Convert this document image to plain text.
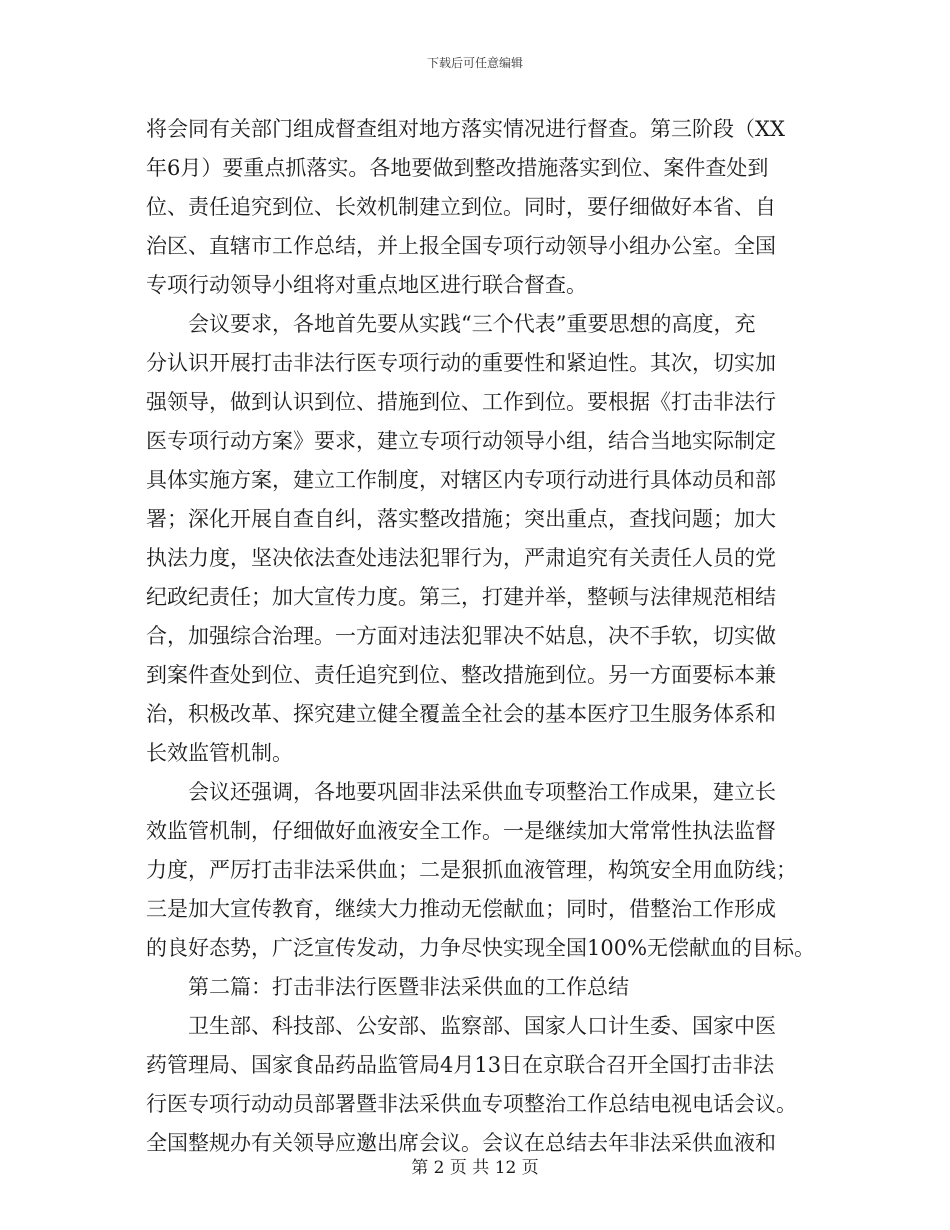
下载后可任意编辑
将会同有关部门组成督查组对地方落实情况进行督查。第三阶段（XX
年6月）要重点抓落实。各地要做到整改措施落实到位、案件查处到
位、责任追究到位、长效机制建立到位。同时，要仔细做好本省、自
治区、直辖市工作总结，并上报全国专项行动领导小组办公室。全国
专项行动领导小组将对重点地区进行联合督查。
会议要求，各地首先要从实践“三个代表”重要思想的高度，充
分认识开展打击非法行医专项行动的重要性和紧迫性。其次，切实加
强领导，做到认识到位、措施到位、工作到位。要根据《打击非法行
医专项行动方案》要求，建立专项行动领导小组，结合当地实际制定
具体实施方案，建立工作制度，对辖区内专项行动进行具体动员和部
署；深化开展自查自纠，落实整改措施；突出重点，查找问题；加大
执法力度，坚决依法查处违法犯罪行为，严肃追究有关责任人员的党
纪政纪责任；加大宣传力度。第三，打建并举，整顿与法律规范相结
合，加强综合治理。一方面对违法犯罪决不姑息，决不手软，切实做
到案件查处到位、责任追究到位、整改措施到位。另一方面要标本兼
治，积极改革、探究建立健全覆盖全社会的基本医疗卫生服务体系和
长效监管机制。
会议还强调，各地要巩固非法采供血专项整治工作成果，建立长
效监管机制，仔细做好血液安全工作。一是继续加大常常性执法监督
力度，严厉打击非法采供血；二是狠抓血液管理，构筑安全用血防线；
三是加大宣传教育，继续大力推动无偿献血；同时，借整治工作形成
的良好态势，广泛宣传发动，力争尽快实现全国100%无偿献血的目标。
第二篇：打击非法行医暨非法采供血的工作总结
卫生部、科技部、公安部、监察部、国家人口计生委、国家中医
药管理局、国家食品药品监管局4月13日在京联合召开全国打击非法
行医专项行动动员部署暨非法采供血专项整治工作总结电视电话会议。
全国整规办有关领导应邀出席会议。会议在总结去年非法采供血液和
第 2 页 共 12 页
